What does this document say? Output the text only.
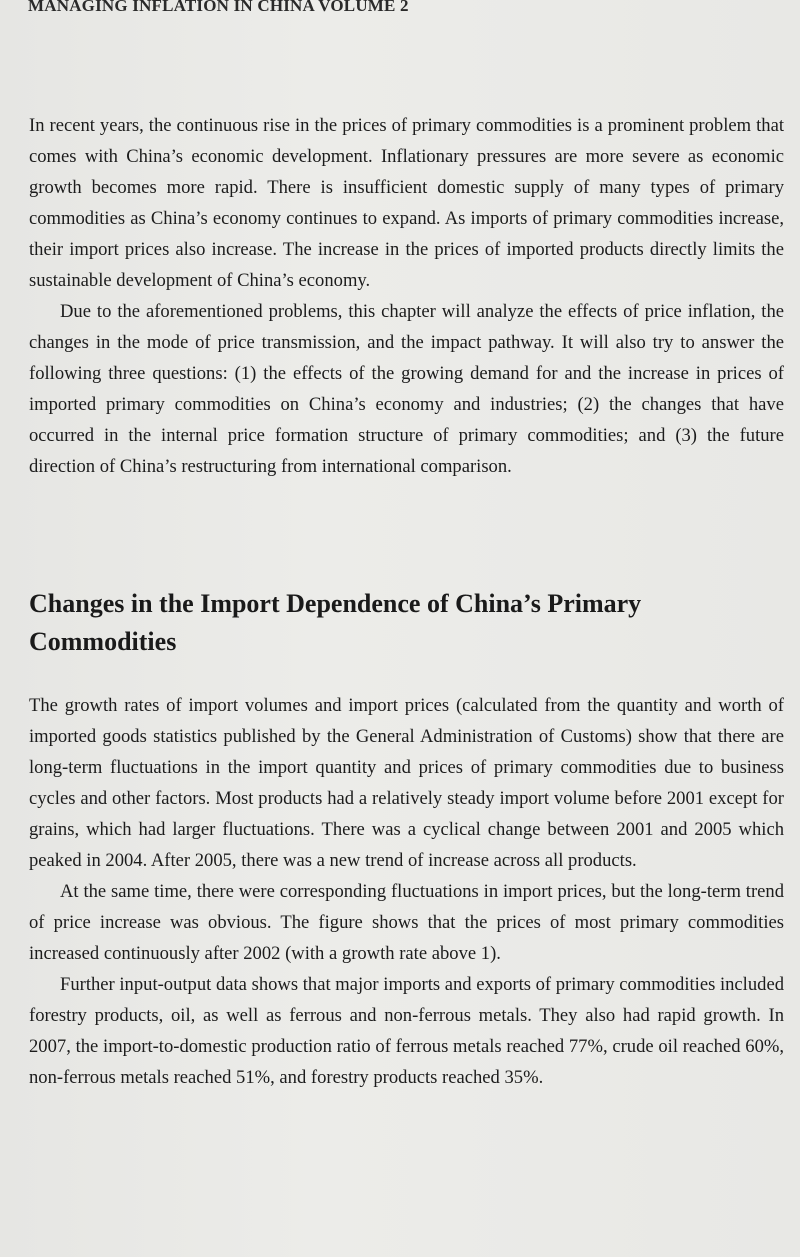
MANAGING INFLATION IN CHINA VOLUME 2

In recent years, the continuous rise in the prices of primary commodities is a prominent problem that comes with China’s economic development. Inflationary pressures are more severe as economic growth becomes more rapid. There is insufficient domestic supply of many types of primary commodities as China’s economy continues to expand. As imports of primary commodities increase, their import prices also increase. The increase in the prices of imported products directly limits the sustainable development of China’s economy.

Due to the aforementioned problems, this chapter will analyze the effects of price inflation, the changes in the mode of price transmission, and the impact pathway. It will also try to answer the following three questions: (1) the effects of the growing demand for and the increase in prices of imported primary commodities on China’s economy and industries; (2) the changes that have occurred in the internal price formation structure of primary commodities; and (3) the future direction of China’s restructuring from international comparison.

Changes in the Import Dependence of China’s Primary Commodities

The growth rates of import volumes and import prices (calculated from the quantity and worth of imported goods statistics published by the General Administration of Customs) show that there are long-term fluctuations in the import quantity and prices of primary commodities due to business cycles and other factors. Most products had a relatively steady import volume before 2001 except for grains, which had larger fluctuations. There was a cyclical change between 2001 and 2005 which peaked in 2004. After 2005, there was a new trend of increase across all products.

At the same time, there were corresponding fluctuations in import prices, but the long-term trend of price increase was obvious. The figure shows that the prices of most primary commodities increased continuously after 2002 (with a growth rate above 1).

Further input-output data shows that major imports and exports of primary commodities included forestry products, oil, as well as ferrous and non-ferrous metals. They also had rapid growth. In 2007, the import-to-domestic production ratio of ferrous metals reached 77%, crude oil reached 60%, non-ferrous metals reached 51%, and forestry products reached 35%.
